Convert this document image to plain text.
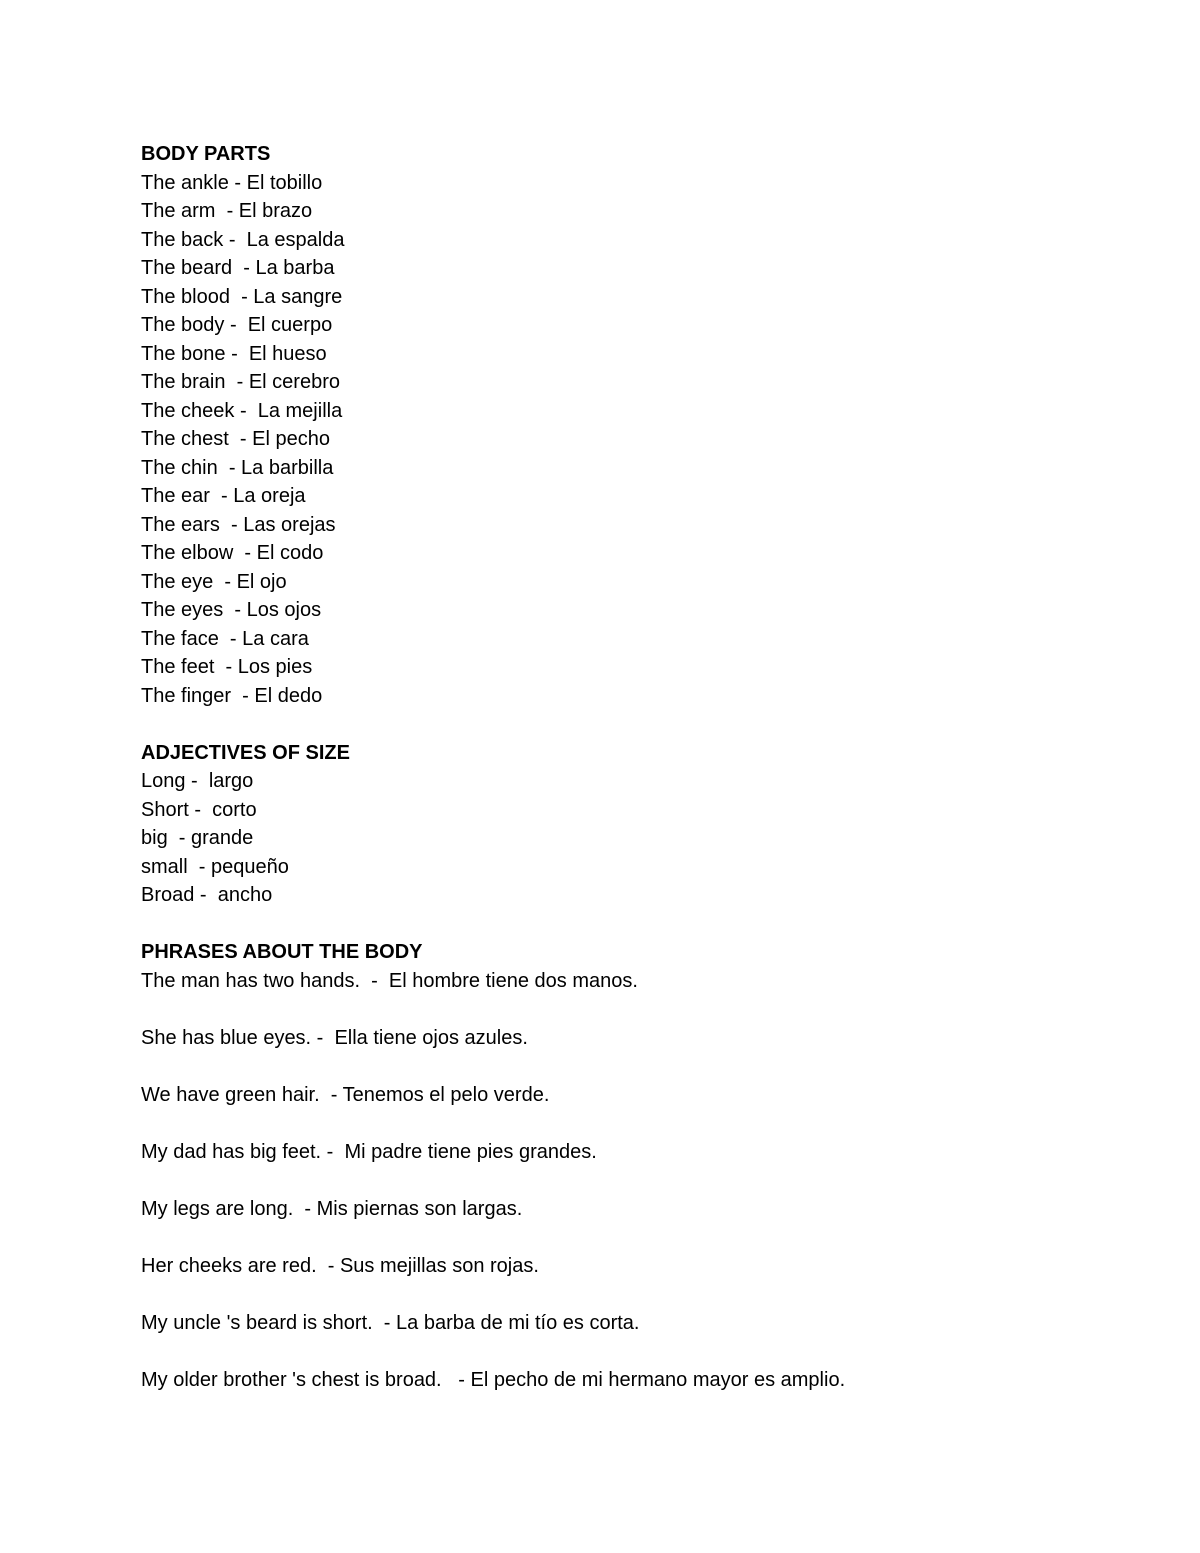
BODY PARTS
The ankle - El tobillo
The arm  - El brazo
The back -  La espalda
The beard  - La barba
The blood  - La sangre
The body -  El cuerpo
The bone -  El hueso
The brain  - El cerebro
The cheek -  La mejilla
The chest  - El pecho
The chin  - La barbilla
The ear  - La oreja
The ears  - Las orejas
The elbow  - El codo
The eye  - El ojo
The eyes  - Los ojos
The face  - La cara
The feet  - Los pies
The finger  - El dedo
ADJECTIVES OF SIZE
Long -  largo
Short -  corto
big  - grande
small  - pequeño
Broad -  ancho
PHRASES ABOUT THE BODY
The man has two hands.  -  El hombre tiene dos manos.
She has blue eyes. -  Ella tiene ojos azules.
We have green hair.  - Tenemos el pelo verde.
My dad has big feet. -  Mi padre tiene pies grandes.
My legs are long.  - Mis piernas son largas.
Her cheeks are red.  - Sus mejillas son rojas.
My uncle 's beard is short.  - La barba de mi tío es corta.
My older brother 's chest is broad.   - El pecho de mi hermano mayor es amplio.
